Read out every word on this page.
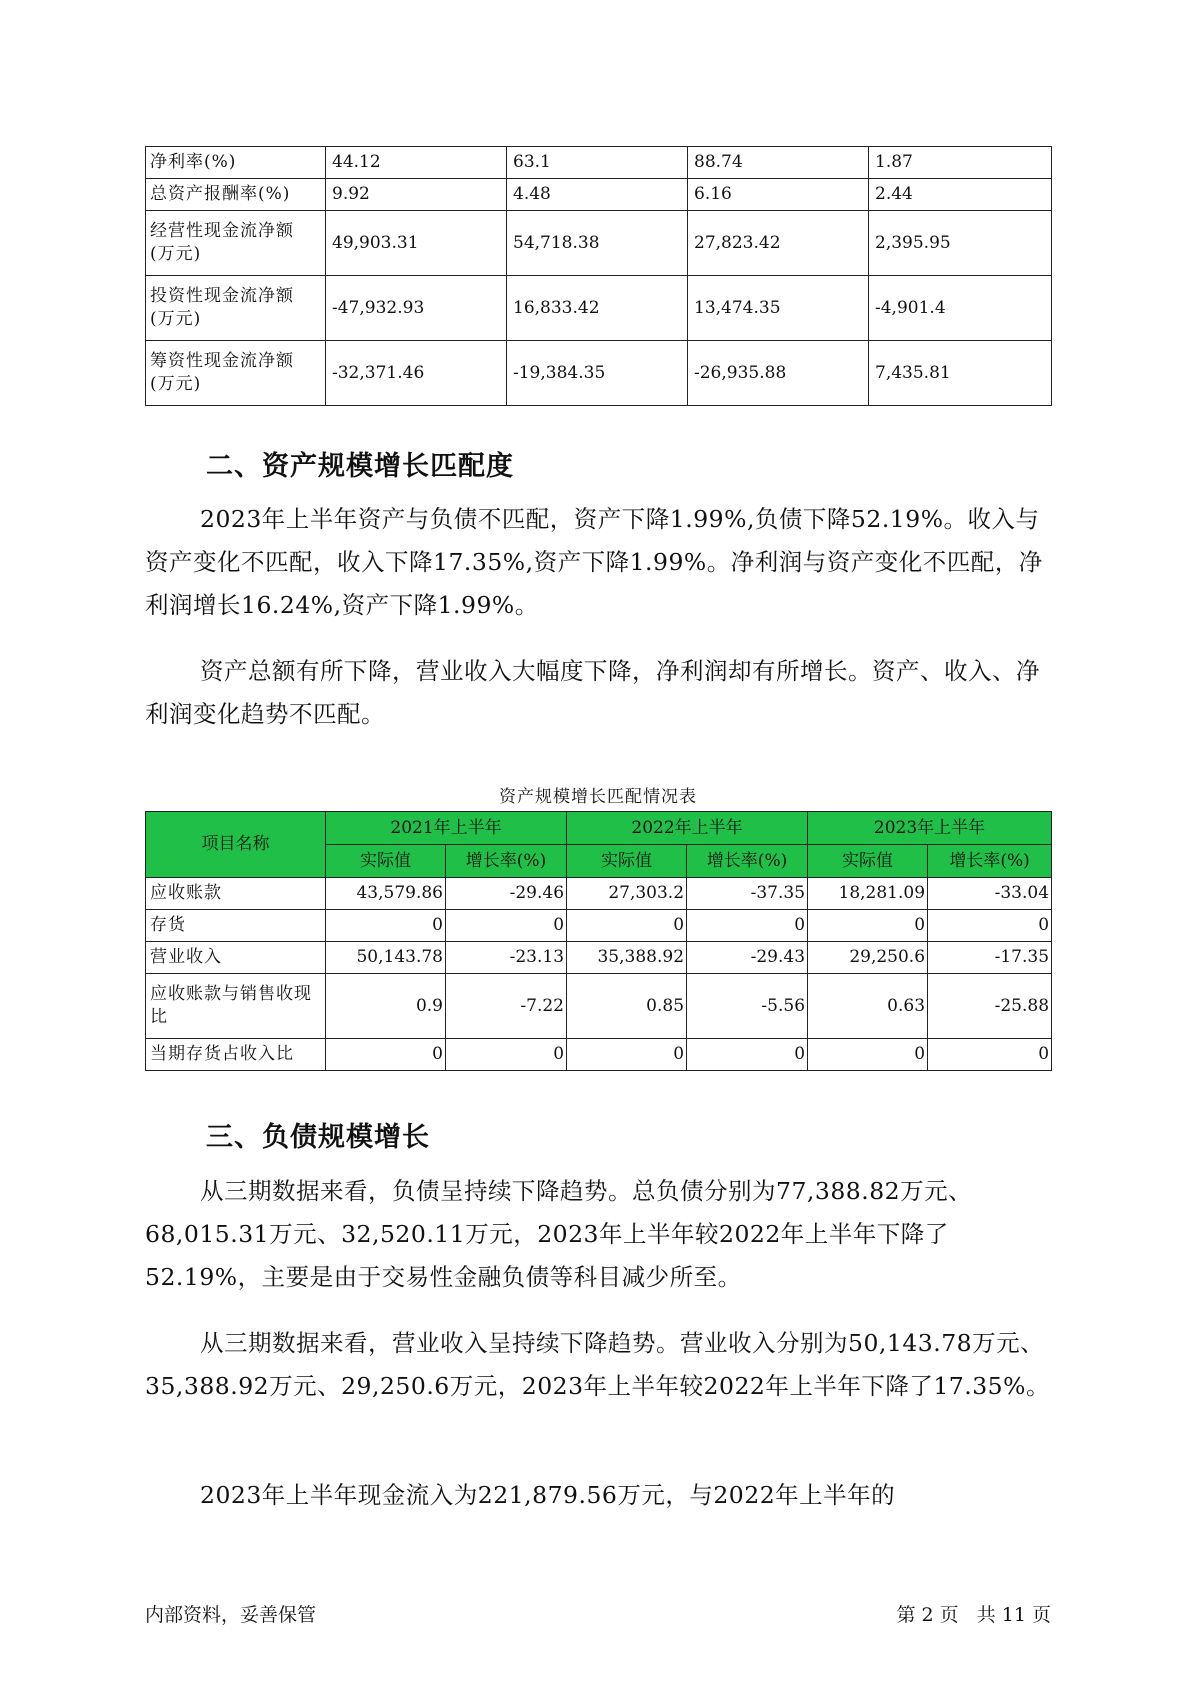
净利率(%)	44.12	63.1	88.74	1.87
总资产报酬率(%)	9.92	4.48	6.16	2.44
经营性现金流净额(万元)	49,903.31	54,718.38	27,823.42	2,395.95
投资性现金流净额(万元)	-47,932.93	16,833.42	13,474.35	-4,901.4
筹资性现金流净额(万元)	-32,371.46	-19,384.35	-26,935.88	7,435.81
二、资产规模增长匹配度

2023年上半年资产与负债不匹配，资产下降1.99%,负债下降52.19%。收入与资产变化不匹配，收入下降17.35%,资产下降1.99%。净利润与资产变化不匹配，净利润增长16.24%,资产下降1.99%。

资产总额有所下降，营业收入大幅度下降，净利润却有所增长。资产、收入、净利润变化趋势不匹配。

资产规模增长匹配情况表
项目名称	2021年上半年		2022年上半年		2023年上半年	
	实际值	增长率(%)	实际值	增长率(%)	实际值	增长率(%)
应收账款	43,579.86	-29.46	27,303.2	-37.35	18,281.09	-33.04
存货	0	0	0	0	0	0
营业收入	50,143.78	-23.13	35,388.92	-29.43	29,250.6	-17.35
应收账款与销售收现比	0.9	-7.22	0.85	-5.56	0.63	-25.88
当期存货占收入比	0	0	0	0	0	0
三、负债规模增长

从三期数据来看，负债呈持续下降趋势。总负债分别为77,388.82万元、68,015.31万元、32,520.11万元，2023年上半年较2022年上半年下降了52.19%，主要是由于交易性金融负债等科目减少所至。

从三期数据来看，营业收入呈持续下降趋势。营业收入分别为50,143.78万元、35,388.92万元、29,250.6万元，2023年上半年较2022年上半年下降了17.35%。

2023年上半年现金流入为221,879.56万元，与2022年上半年的

内部资料，妥善保管	第 2 页   共 11 页
